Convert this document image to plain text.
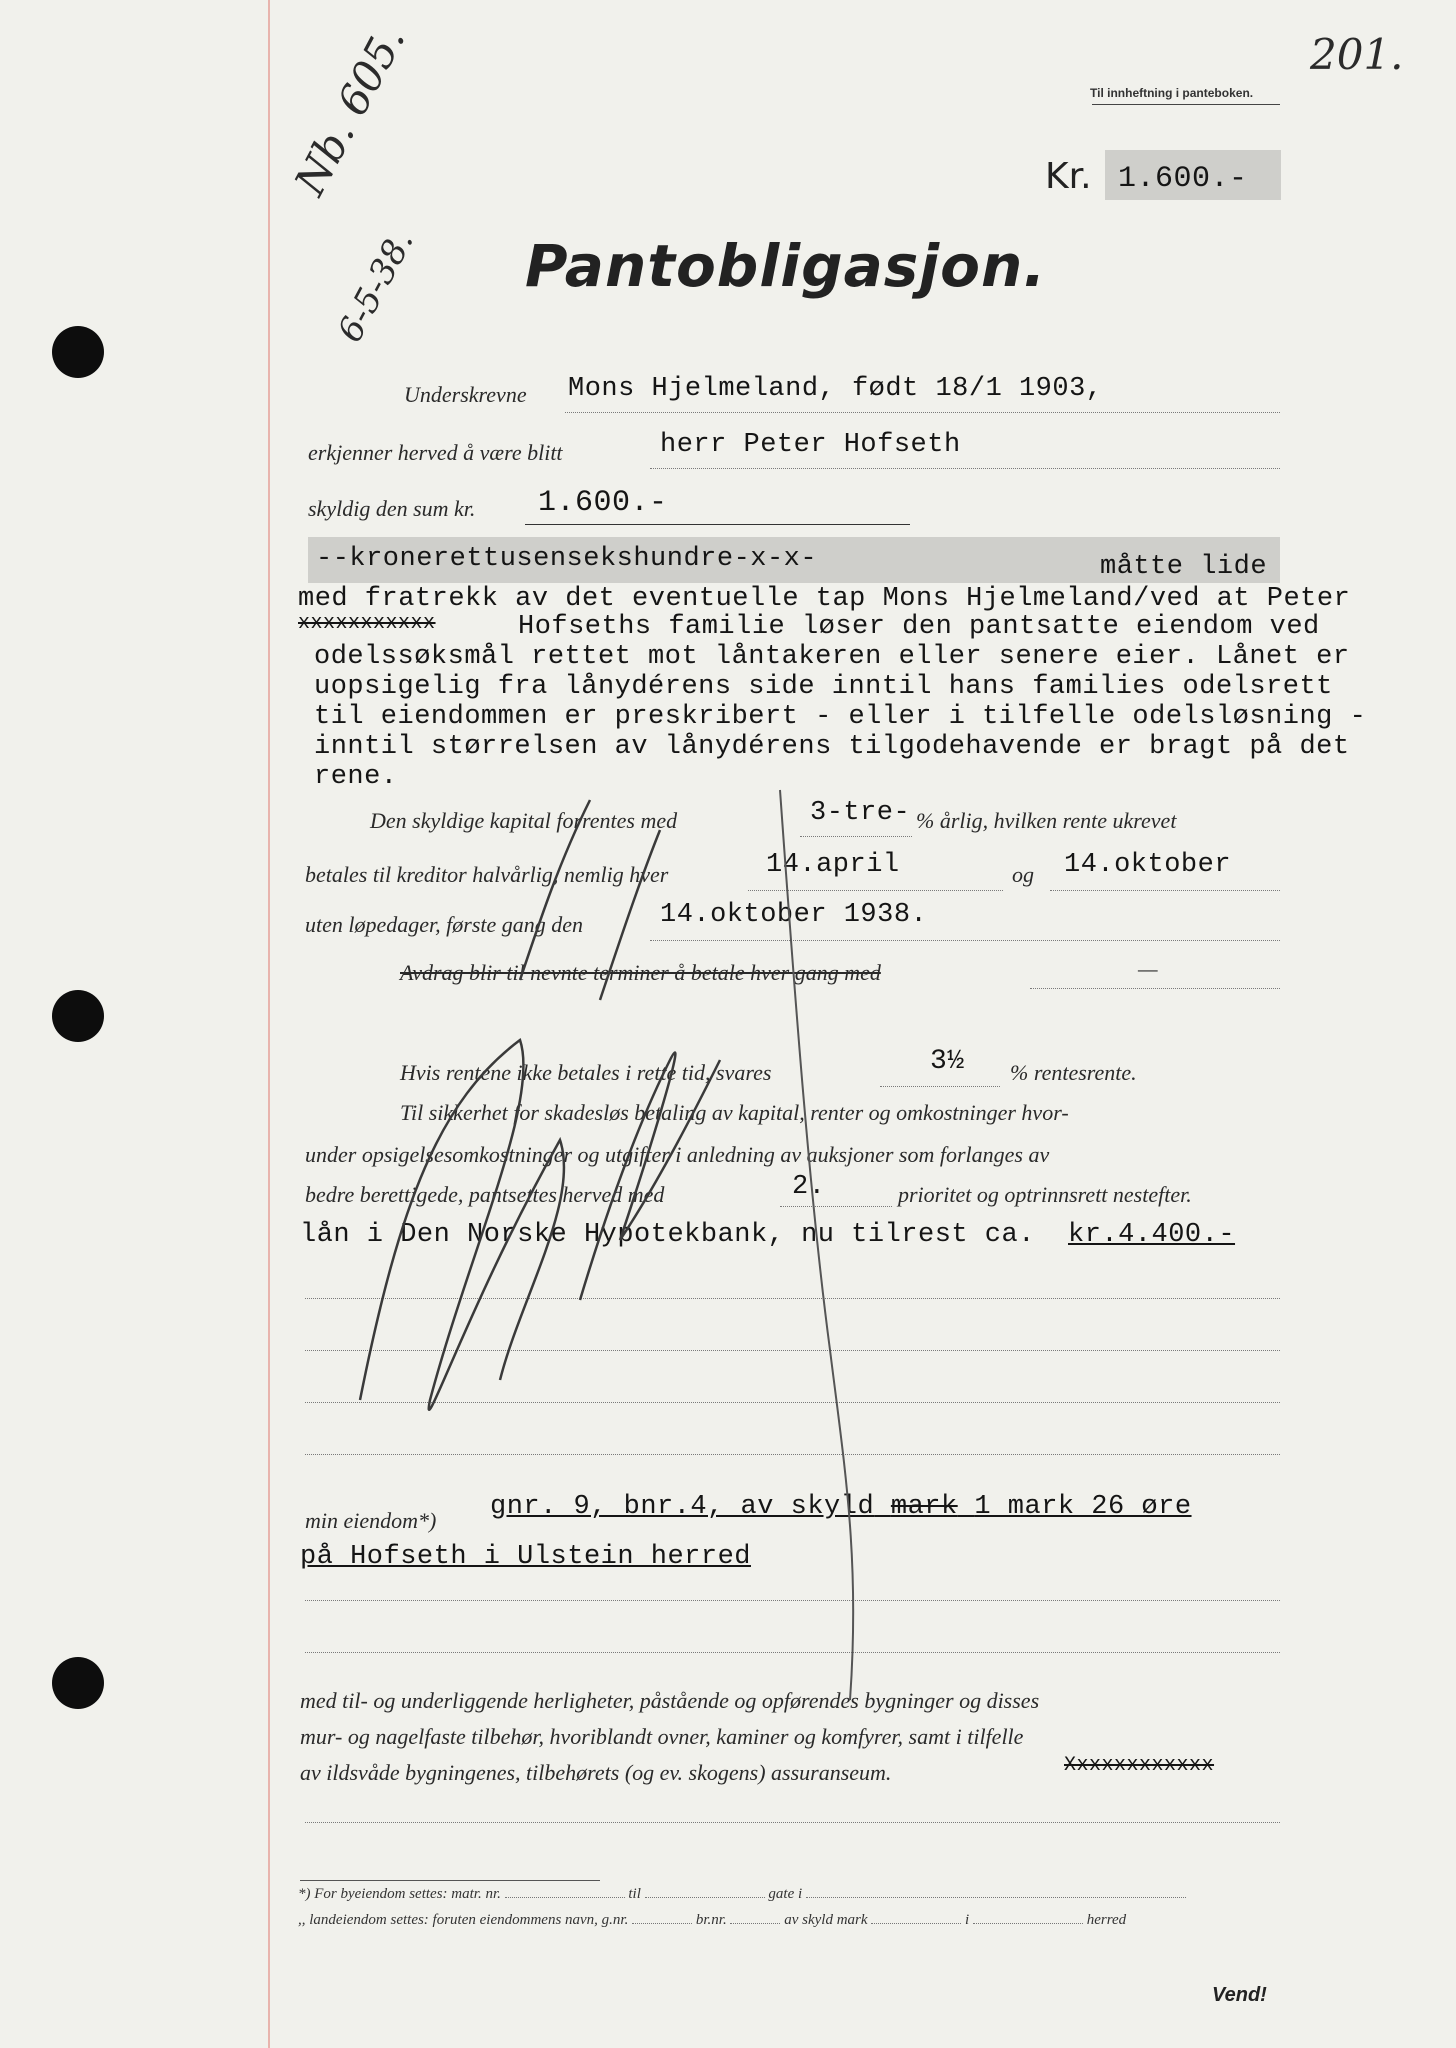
201.
Til innheftning i panteboken.
Kr. 1.600.-
Nb. 605.
6-5-38. Pantobligasjon.
Underskrevne Mons Hjelmeland, født 18/1 1903,
erkjenner herved å være blitt	herr Peter Hofseth
skyldig den sum kr. 1.600.-
--kronerettusensekshundre-x-x-	måtte lide
med fratrekk av det eventuelle tap Mons Hjelmeland/ved at Peter
xxxxxxxxxxx	Hofseths familie løser den pantsatte eiendom ved
odelssøksmål rettet mot låntakeren eller senere eier. Lånet er
uopsigelig fra lånydérens side inntil hans families odelsrett
til eiendommen er preskribert - eller i tilfelle odelsløsning -
inntil størrelsen av lånydérens tilgodehavende er bragt på det
rene.
Den skyldige kapital forrentes med	3-tre- % årlig, hvilken rente ukrevet
betales til kreditor halvårlig, nemlig hver	14.april	og 14.oktober
uten løpedager, første gang den	14.oktober 1938.
Avdrag blir til nevnte terminer å betale hver gang med	—
Hvis rentene ikke betales i rette tid, svares	3½ % rentesrente.
Til sikkerhet for skadesløs betaling av kapital, renter og omkostninger hvor-
under opsigelsesomkostninger og utgifter i anledning av auksjoner som forlanges av
bedre berettigede, pantsettes herved med	2.	prioritet og optrinnsrett nestefter.
lån i Den Norske Hypotekbank, nu tilrest ca. kr.4.400.-
min eiendom*) gnr. 9, bnr.4, av skyld mark 1 mark 26 øre
på Hofseth i Ulstein herred
med til- og underliggende herligheter, påstående og opførendes bygninger og disses
mur- og nagelfaste tilbehør, hvoriblandt ovner, kaminer og komfyrer, samt i tilfelle
av ildsvåde bygningenes, tilbehørets (og ev. skogens) assuranseum.	Xxxxxxxxxxxx
*) For byeiendom settes: matr. nr.	til	gate i
,, landeiendom settes: foruten eiendommens navn, g.nr.	br.nr.	av skyld mark	i	herred
Vend!
